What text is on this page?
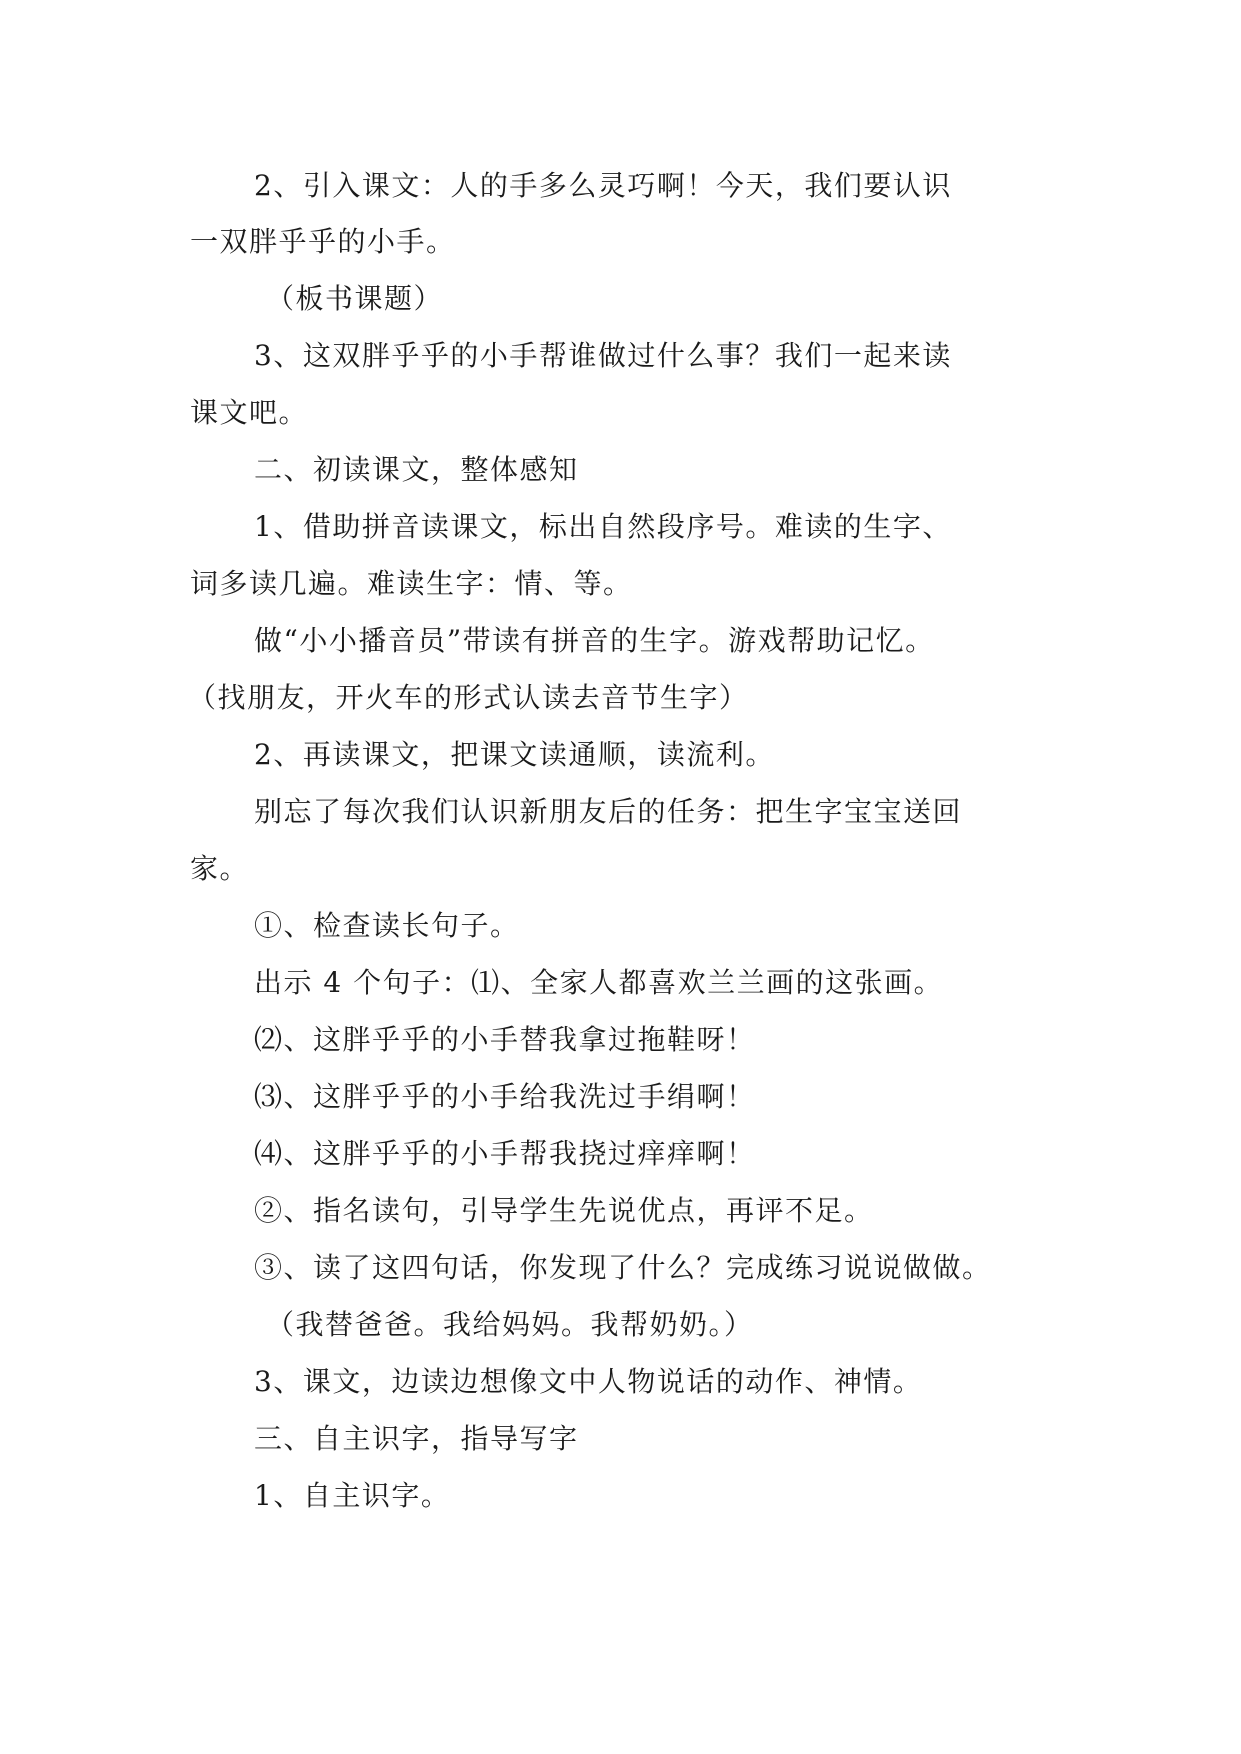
2、引入课文：人的手多么灵巧啊！今天，我们要认识
一双胖乎乎的小手。
（板书课题）
3、这双胖乎乎的小手帮谁做过什么事？我们一起来读
课文吧。
二、初读课文，整体感知
1、借助拼音读课文，标出自然段序号。难读的生字、
词多读几遍。难读生字：情、等。
做“小小播音员”带读有拼音的生字。游戏帮助记忆。
（找朋友，开火车的形式认读去音节生字）
2、再读课文，把课文读通顺，读流利。
别忘了每次我们认识新朋友后的任务：把生字宝宝送回
家。
①、检查读长句子。
出示 4 个句子：⑴、全家人都喜欢兰兰画的这张画。
⑵、这胖乎乎的小手替我拿过拖鞋呀！
⑶、这胖乎乎的小手给我洗过手绢啊！
⑷、这胖乎乎的小手帮我挠过痒痒啊！
②、指名读句，引导学生先说优点，再评不足。
③、读了这四句话，你发现了什么？完成练习说说做做。
（我替爸爸。我给妈妈。我帮奶奶。）
3、课文，边读边想像文中人物说话的动作、神情。
三、自主识字，指导写字
1、自主识字。
